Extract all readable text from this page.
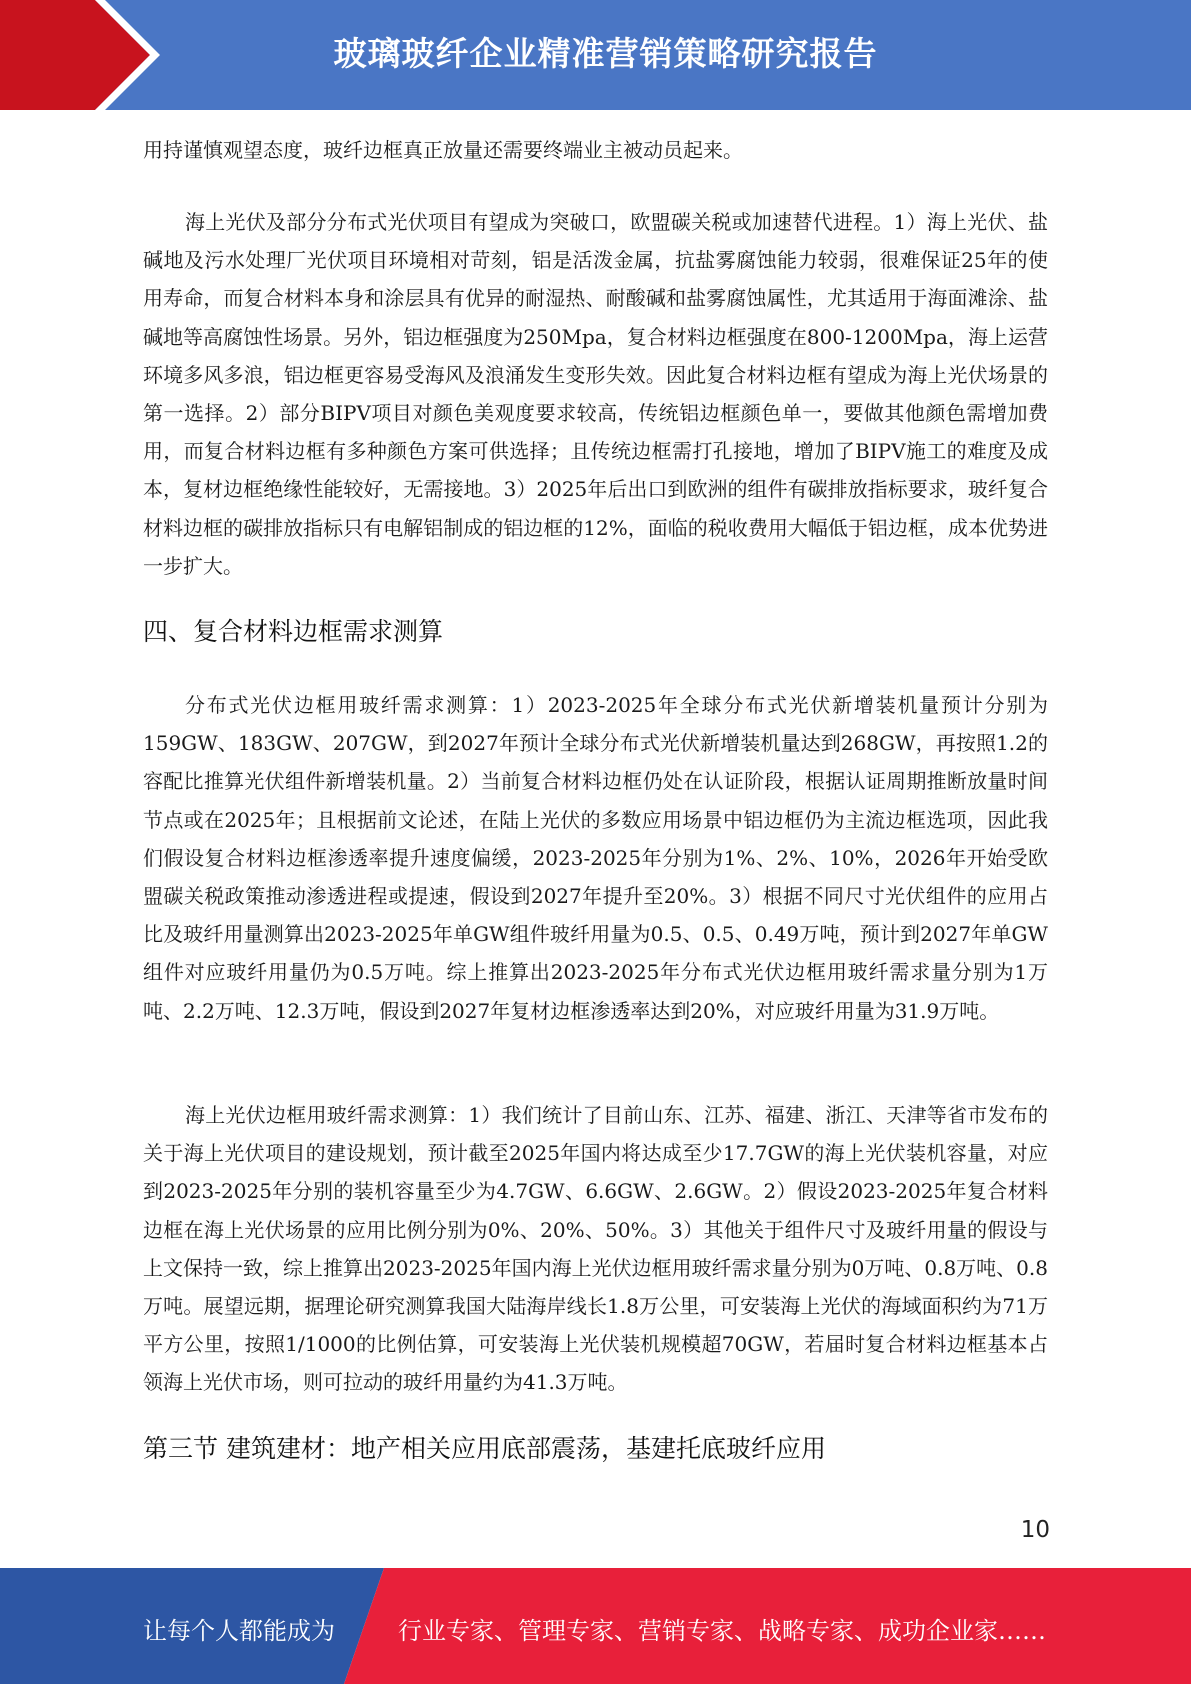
玻璃玻纤企业精准营销策略研究报告

用持谨慎观望态度，玻纤边框真正放量还需要终端业主被动员起来。

海上光伏及部分分布式光伏项目有望成为突破口，欧盟碳关税或加速替代进程。1）海上光伏、盐碱地及污水处理厂光伏项目环境相对苛刻，铝是活泼金属，抗盐雾腐蚀能力较弱，很难保证25年的使用寿命，而复合材料本身和涂层具有优异的耐湿热、耐酸碱和盐雾腐蚀属性，尤其适用于海面滩涂、盐碱地等高腐蚀性场景。另外，铝边框强度为250Mpa，复合材料边框强度在800-1200Mpa，海上运营环境多风多浪，铝边框更容易受海风及浪涌发生变形失效。因此复合材料边框有望成为海上光伏场景的第一选择。2）部分BIPV项目对颜色美观度要求较高，传统铝边框颜色单一，要做其他颜色需增加费用，而复合材料边框有多种颜色方案可供选择；且传统边框需打孔接地，增加了BIPV施工的难度及成本，复材边框绝缘性能较好，无需接地。3）2025年后出口到欧洲的组件有碳排放指标要求，玻纤复合材料边框的碳排放指标只有电解铝制成的铝边框的12%，面临的税收费用大幅低于铝边框，成本优势进一步扩大。

四、复合材料边框需求测算

分布式光伏边框用玻纤需求测算：1）2023-2025年全球分布式光伏新增装机量预计分别为159GW、183GW、207GW，到2027年预计全球分布式光伏新增装机量达到268GW，再按照1.2的容配比推算光伏组件新增装机量。2）当前复合材料边框仍处在认证阶段，根据认证周期推断放量时间节点或在2025年；且根据前文论述，在陆上光伏的多数应用场景中铝边框仍为主流边框选项，因此我们假设复合材料边框渗透率提升速度偏缓，2023-2025年分别为1%、2%、10%，2026年开始受欧盟碳关税政策推动渗透进程或提速，假设到2027年提升至20%。3）根据不同尺寸光伏组件的应用占比及玻纤用量测算出2023-2025年单GW组件玻纤用量为0.5、0.5、0.49万吨，预计到2027年单GW组件对应玻纤用量仍为0.5万吨。综上推算出2023-2025年分布式光伏边框用玻纤需求量分别为1万吨、2.2万吨、12.3万吨，假设到2027年复材边框渗透率达到20%，对应玻纤用量为31.9万吨。

海上光伏边框用玻纤需求测算：1）我们统计了目前山东、江苏、福建、浙江、天津等省市发布的关于海上光伏项目的建设规划，预计截至2025年国内将达成至少17.7GW的海上光伏装机容量，对应到2023-2025年分别的装机容量至少为4.7GW、6.6GW、2.6GW。2）假设2023-2025年复合材料边框在海上光伏场景的应用比例分别为0%、20%、50%。3）其他关于组件尺寸及玻纤用量的假设与上文保持一致，综上推算出2023-2025年国内海上光伏边框用玻纤需求量分别为0万吨、0.8万吨、0.8万吨。展望远期，据理论研究测算我国大陆海岸线长1.8万公里，可安装海上光伏的海域面积约为71万平方公里，按照1/1000的比例估算，可安装海上光伏装机规模超70GW，若届时复合材料边框基本占领海上光伏市场，则可拉动的玻纤用量约为41.3万吨。

第三节 建筑建材：地产相关应用底部震荡，基建托底玻纤应用
10
让每个人都能成为	行业专家、管理专家、营销专家、战略专家、成功企业家……
